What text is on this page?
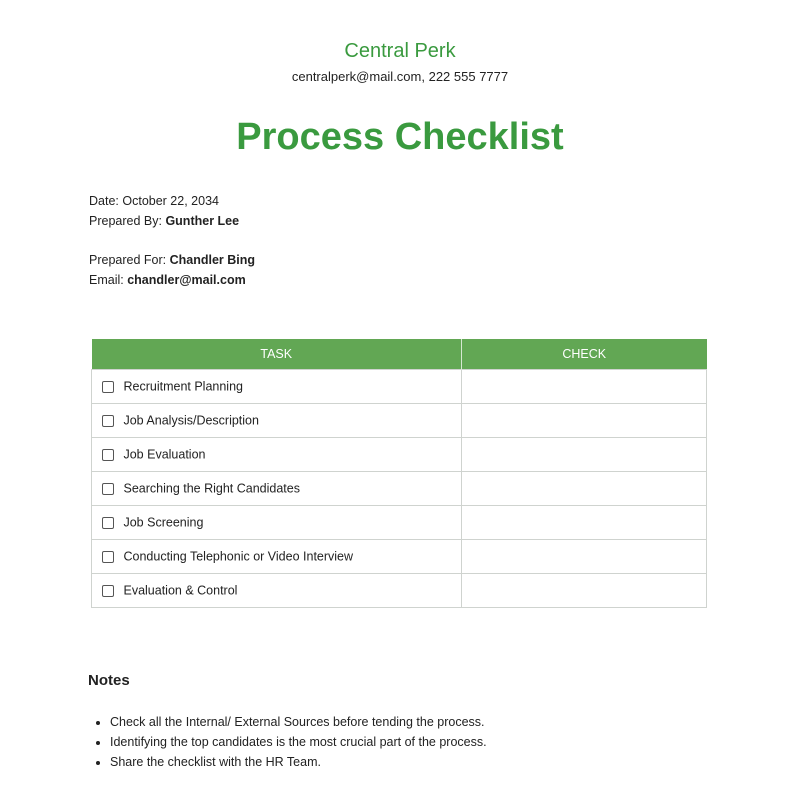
Central Perk
centralperk@mail.com, 222 555 7777
Process Checklist
Date: October 22, 2034
Prepared By: Gunther Lee
Prepared For: Chandler Bing
Email: chandler@mail.com
TASK	CHECK
Recruitment Planning	
Job Analysis/Description	
Job Evaluation	
Searching the Right Candidates	
Job Screening	
Conducting Telephonic or Video Interview	
Evaluation & Control	
Notes
• Check all the Internal/ External Sources before tending the process.
• Identifying the top candidates is the most crucial part of the process.
• Share the checklist with the HR Team.
